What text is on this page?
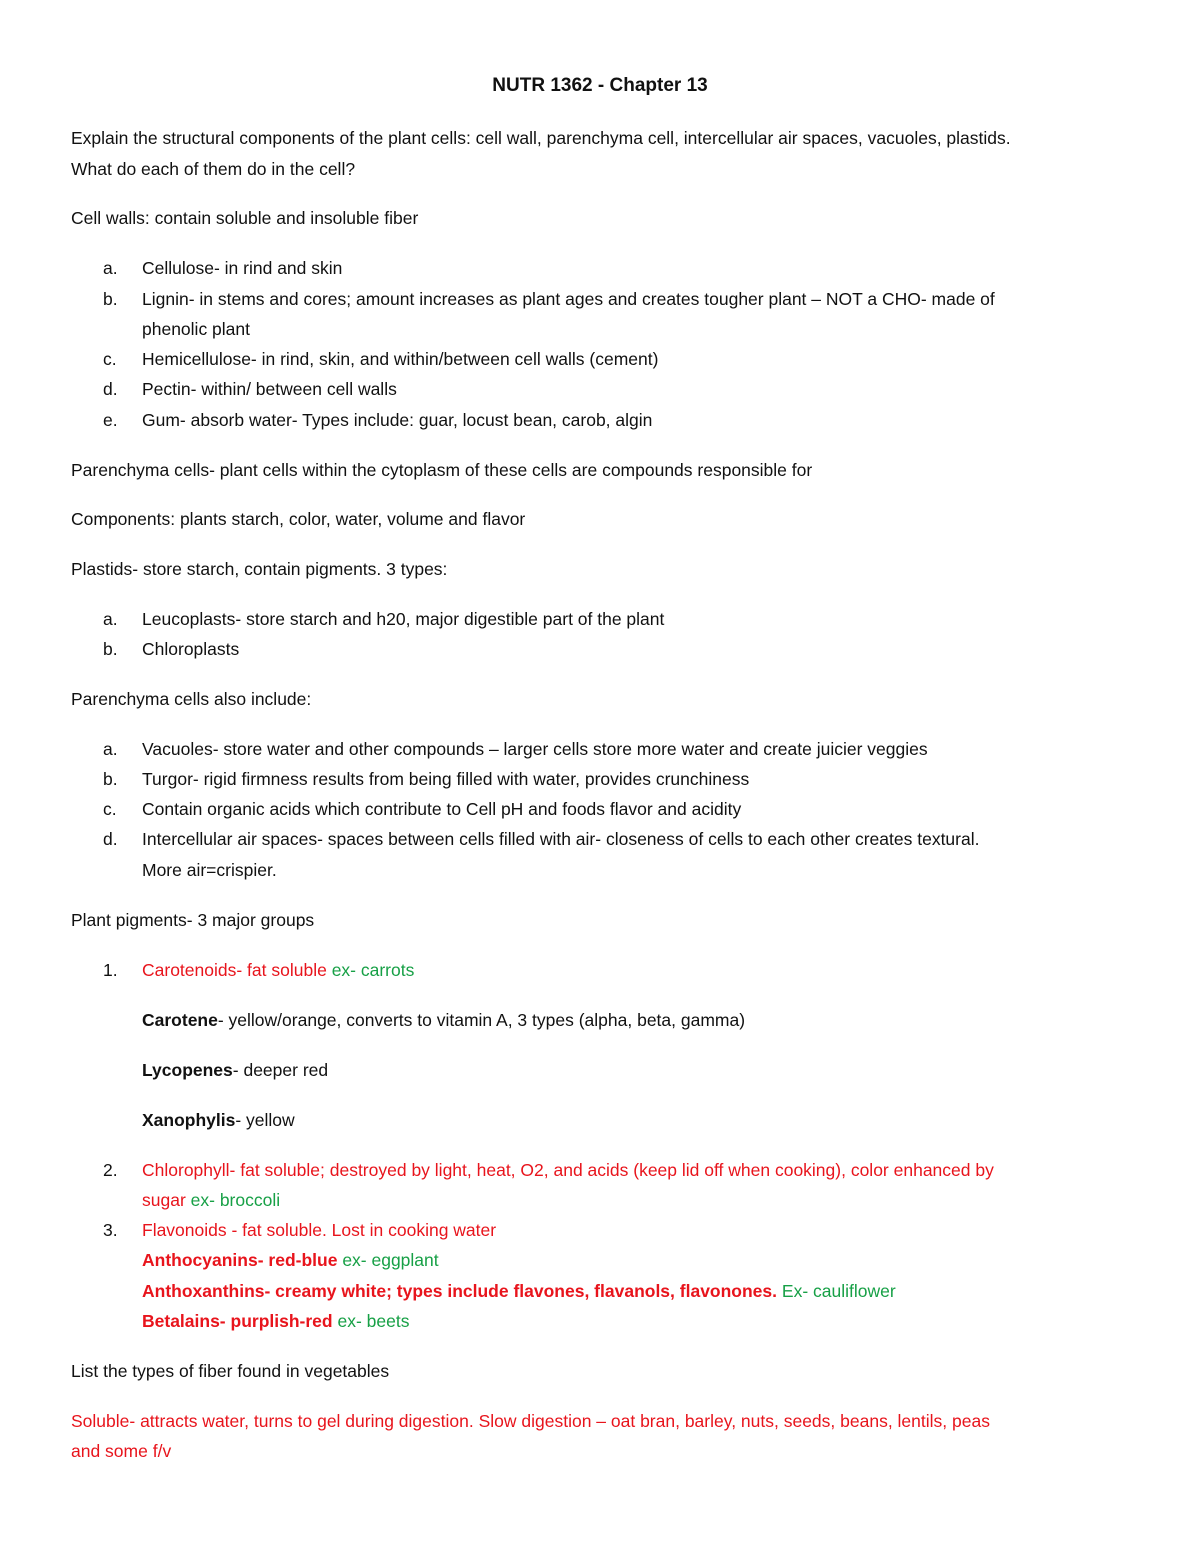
NUTR 1362 - Chapter 13
Explain the structural components of the plant cells: cell wall, parenchyma cell, intercellular air spaces, vacuoles, plastids.
What do each of them do in the cell?
Cell walls: contain soluble and insoluble fiber
a.	Cellulose- in rind and skin
b.	Lignin- in stems and cores; amount increases as plant ages and creates tougher plant – NOT a CHO- made of
phenolic plant
c.	Hemicellulose- in rind, skin, and within/between cell walls (cement)
d.	Pectin- within/ between cell walls
e.	Gum- absorb water- Types include: guar, locust bean, carob, algin
Parenchyma cells- plant cells within the cytoplasm of these cells are compounds responsible for
Components: plants starch, color, water, volume and flavor
Plastids- store starch, contain pigments. 3 types:
a.	Leucoplasts- store starch and h20, major digestible part of the plant
b.	Chloroplasts
Parenchyma cells also include:
a.	Vacuoles- store water and other compounds – larger cells store more water and create juicier veggies
b.	Turgor- rigid firmness results from being filled with water, provides crunchiness
c.	Contain organic acids which contribute to Cell pH and foods flavor and acidity
d.	Intercellular air spaces- spaces between cells filled with air- closeness of cells to each other creates textural.
More air=crispier.
Plant pigments- 3 major groups
1.	Carotenoids- fat soluble ex- carrots
Carotene- yellow/orange, converts to vitamin A, 3 types (alpha, beta, gamma)
Lycopenes- deeper red
Xanophylis- yellow
2.	Chlorophyll- fat soluble; destroyed by light, heat, O2, and acids (keep lid off when cooking), color enhanced by
sugar ex- broccoli
3.	Flavonoids - fat soluble. Lost in cooking water
Anthocyanins- red-blue ex- eggplant
Anthoxanthins- creamy white; types include flavones, flavanols, flavonones. Ex- cauliflower
Betalains- purplish-red ex- beets
List the types of fiber found in vegetables
Soluble- attracts water, turns to gel during digestion. Slow digestion – oat bran, barley, nuts, seeds, beans, lentils, peas
and some f/v
